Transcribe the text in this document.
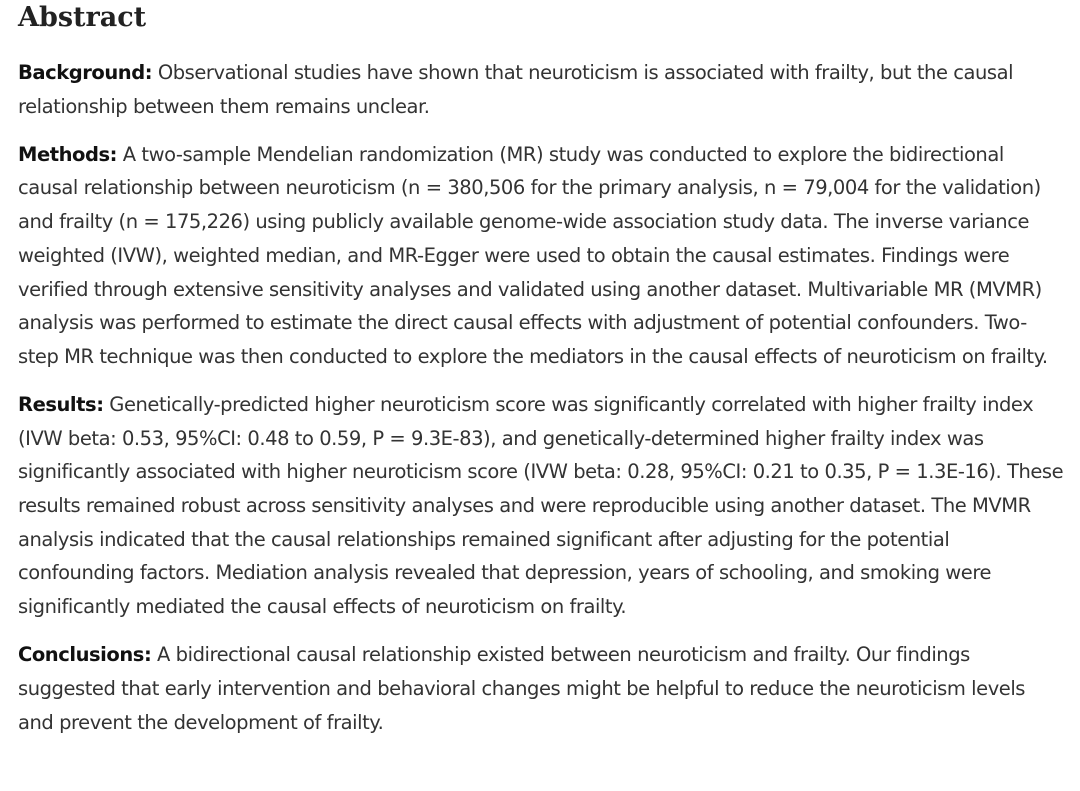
Abstract

Background: Observational studies have shown that neuroticism is associated with frailty, but the causal relationship between them remains unclear.

Methods: A two-sample Mendelian randomization (MR) study was conducted to explore the bidirectional causal relationship between neuroticism (n = 380,506 for the primary analysis, n = 79,004 for the validation) and frailty (n = 175,226) using publicly available genome-wide association study data. The inverse variance weighted (IVW), weighted median, and MR-Egger were used to obtain the causal estimates. Findings were verified through extensive sensitivity analyses and validated using another dataset. Multivariable MR (MVMR) analysis was performed to estimate the direct causal effects with adjustment of potential confounders. Two-step MR technique was then conducted to explore the mediators in the causal effects of neuroticism on frailty.

Results: Genetically-predicted higher neuroticism score was significantly correlated with higher frailty index (IVW beta: 0.53, 95%CI: 0.48 to 0.59, P = 9.3E-83), and genetically-determined higher frailty index was significantly associated with higher neuroticism score (IVW beta: 0.28, 95%CI: 0.21 to 0.35, P = 1.3E-16). These results remained robust across sensitivity analyses and were reproducible using another dataset. The MVMR analysis indicated that the causal relationships remained significant after adjusting for the potential confounding factors. Mediation analysis revealed that depression, years of schooling, and smoking were significantly mediated the causal effects of neuroticism on frailty.

Conclusions: A bidirectional causal relationship existed between neuroticism and frailty. Our findings suggested that early intervention and behavioral changes might be helpful to reduce the neuroticism levels and prevent the development of frailty.
